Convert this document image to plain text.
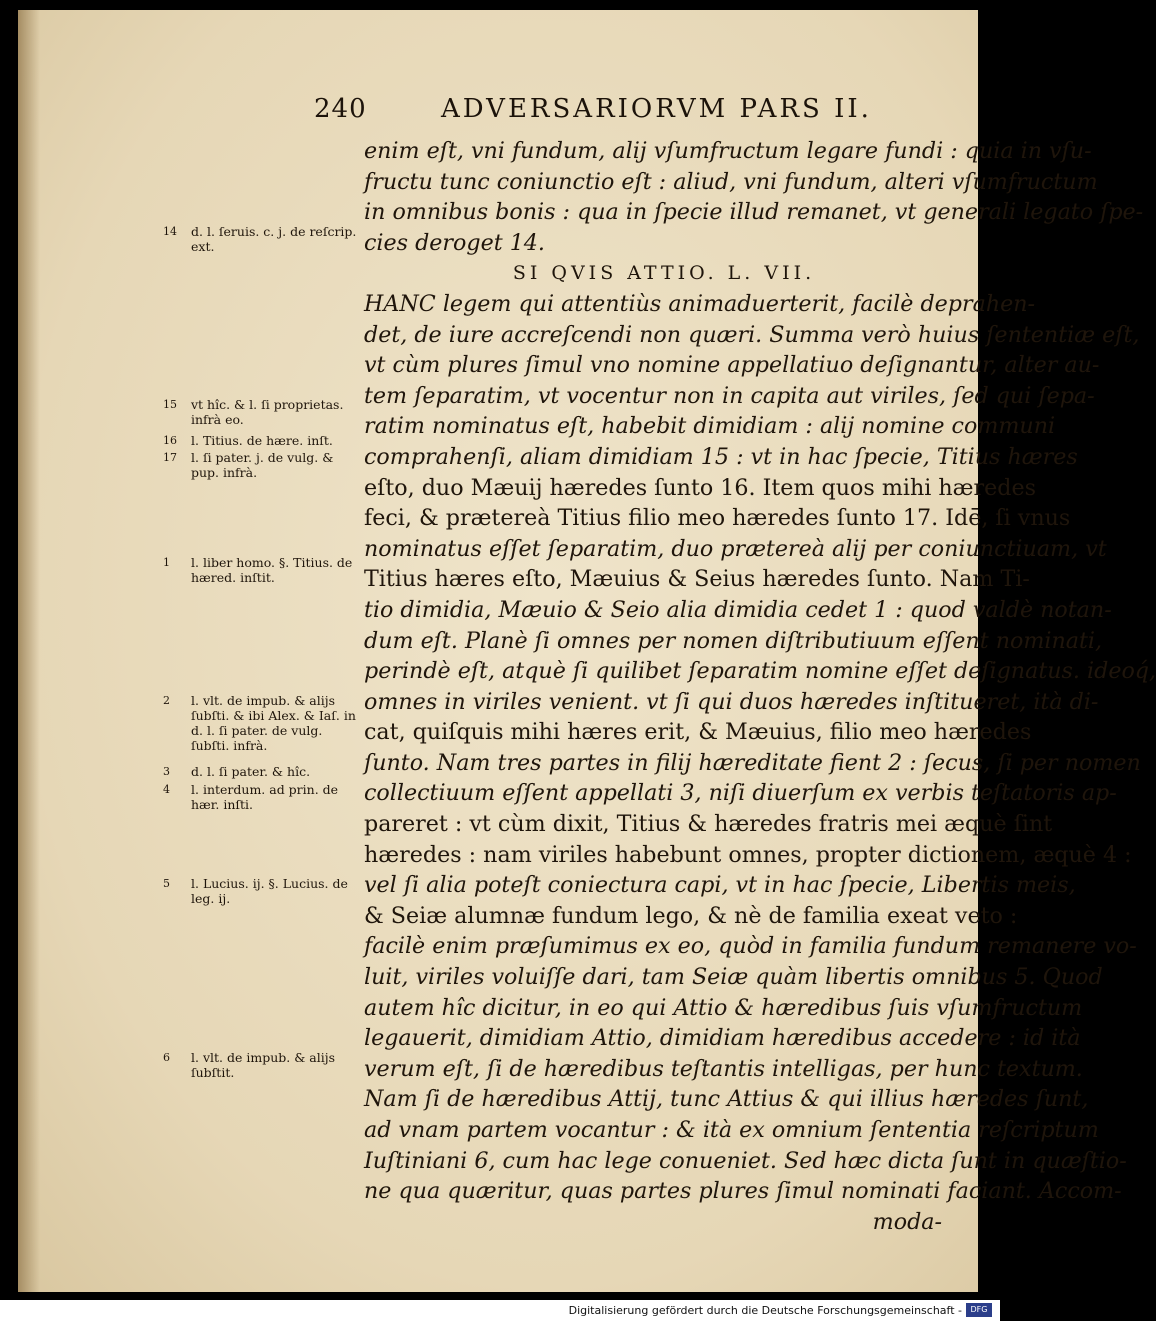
240	ADVERSARIORVM PARS II.
enim eſt, vni fundum, alij vſumfructum legare fundi : quia in vſu-
fructu tunc coniunctio eſt : aliud, vni fundum, alteri vſumfructum
in omnibus bonis : qua in ſpecie illud remanet, vt generali legato ſpe-
cies deroget 14.
SI QVIS ATTIO. L. VII.
HANC legem qui attentiùs animaduerterit, facilè deprahen-
det, de iure accreſcendi non quæri. Summa verò huius ſententiæ eſt,
vt cùm plures ſimul vno nomine appellatiuo deſignantur, alter au-
tem ſeparatim, vt vocentur non in capita aut viriles, ſed qui ſepa-
ratim nominatus eſt, habebit dimidiam : alij nomine communi
comprahenſi, aliam dimidiam 15 : vt in hac ſpecie, Titius hæres
eſto, duo Mæuij hæredes ſunto 16. Item quos mihi hæredes
feci, & prætereà Titius filio meo hæredes ſunto 17. Idē, ſi vnus
nominatus eſſet ſeparatim, duo prætereà alij per coniunctiuam, vt
Titius hæres eſto, Mæuius & Seius hæredes ſunto. Nam Ti-
tio dimidia, Mæuio & Seio alia dimidia cedet 1 : quod valdè notan-
dum eſt. Planè ſi omnes per nomen diſtributiuum eſſent nominati,
perindè eſt, atquè ſi quilibet ſeparatim nomine eſſet deſignatus. ideoq́,
omnes in viriles venient. vt ſi qui duos hæredes inſtitueret, ità di-
cat, quiſquis mihi hæres erit, & Mæuius, filio meo hæredes
ſunto. Nam tres partes in filij hæreditate fient 2 : ſecus, ſi per nomen
collectiuum eſſent appellati 3, niſi diuerſum ex verbis teſtatoris ap-
pareret : vt cùm dixit, Titius & hæredes fratris mei æquè ſint
hæredes : nam viriles habebunt omnes, propter dictionem, æquè 4 :
vel ſi alia poteſt coniectura capi, vt in hac ſpecie, Libertis meis,
& Seiæ alumnæ fundum lego, & nè de familia exeat veto :
facilè enim præſumimus ex eo, quòd in familia fundum remanere vo-
luit, viriles voluiſſe dari, tam Seiæ quàm libertis omnibus 5. Quod
autem hîc dicitur, in eo qui Attio & hæredibus ſuis vſumfructum
legauerit, dimidiam Attio, dimidiam hæredibus accedere : id ità
verum eſt, ſi de hæredibus teſtantis intelligas, per hunc textum.
Nam ſi de hæredibus Attij, tunc Attius & qui illius hæredes ſunt,
ad vnam partem vocantur : & ità ex omnium ſententia reſcriptum
Iuſtiniani 6, cum hac lege conueniet. Sed hæc dicta ſunt in quæſtio-
ne qua quæritur, quas partes plures ſimul nominati faciant. Accom-
moda-
14	d. l. ſeruis. c. j. de reſcrip. ext.
15	vt hîc. & l. ſi proprietas. infrà eo.
16	l. Titius. de hære. inſt.
17	l. ſi pater. j. de vulg. & pup. infrà.
1	l. liber homo. §. Titius. de hæred. inſtit.
2	l. vlt. de impub. & alijs ſubſti. & ibi Alex. & Iaſ. in d. l. ſi pater. de vulg. ſubſti. infrà.
3	d. l. ſi pater. & hîc.
4	l. interdum. ad prin. de hær. inſti.
5	l. Lucius. ij. §. Lucius. de leg. ij.
6	l. vlt. de impub. & alijs ſubſtit.
Digitalisierung gefördert durch die Deutsche Forschungsgemeinschaft -	DFG
